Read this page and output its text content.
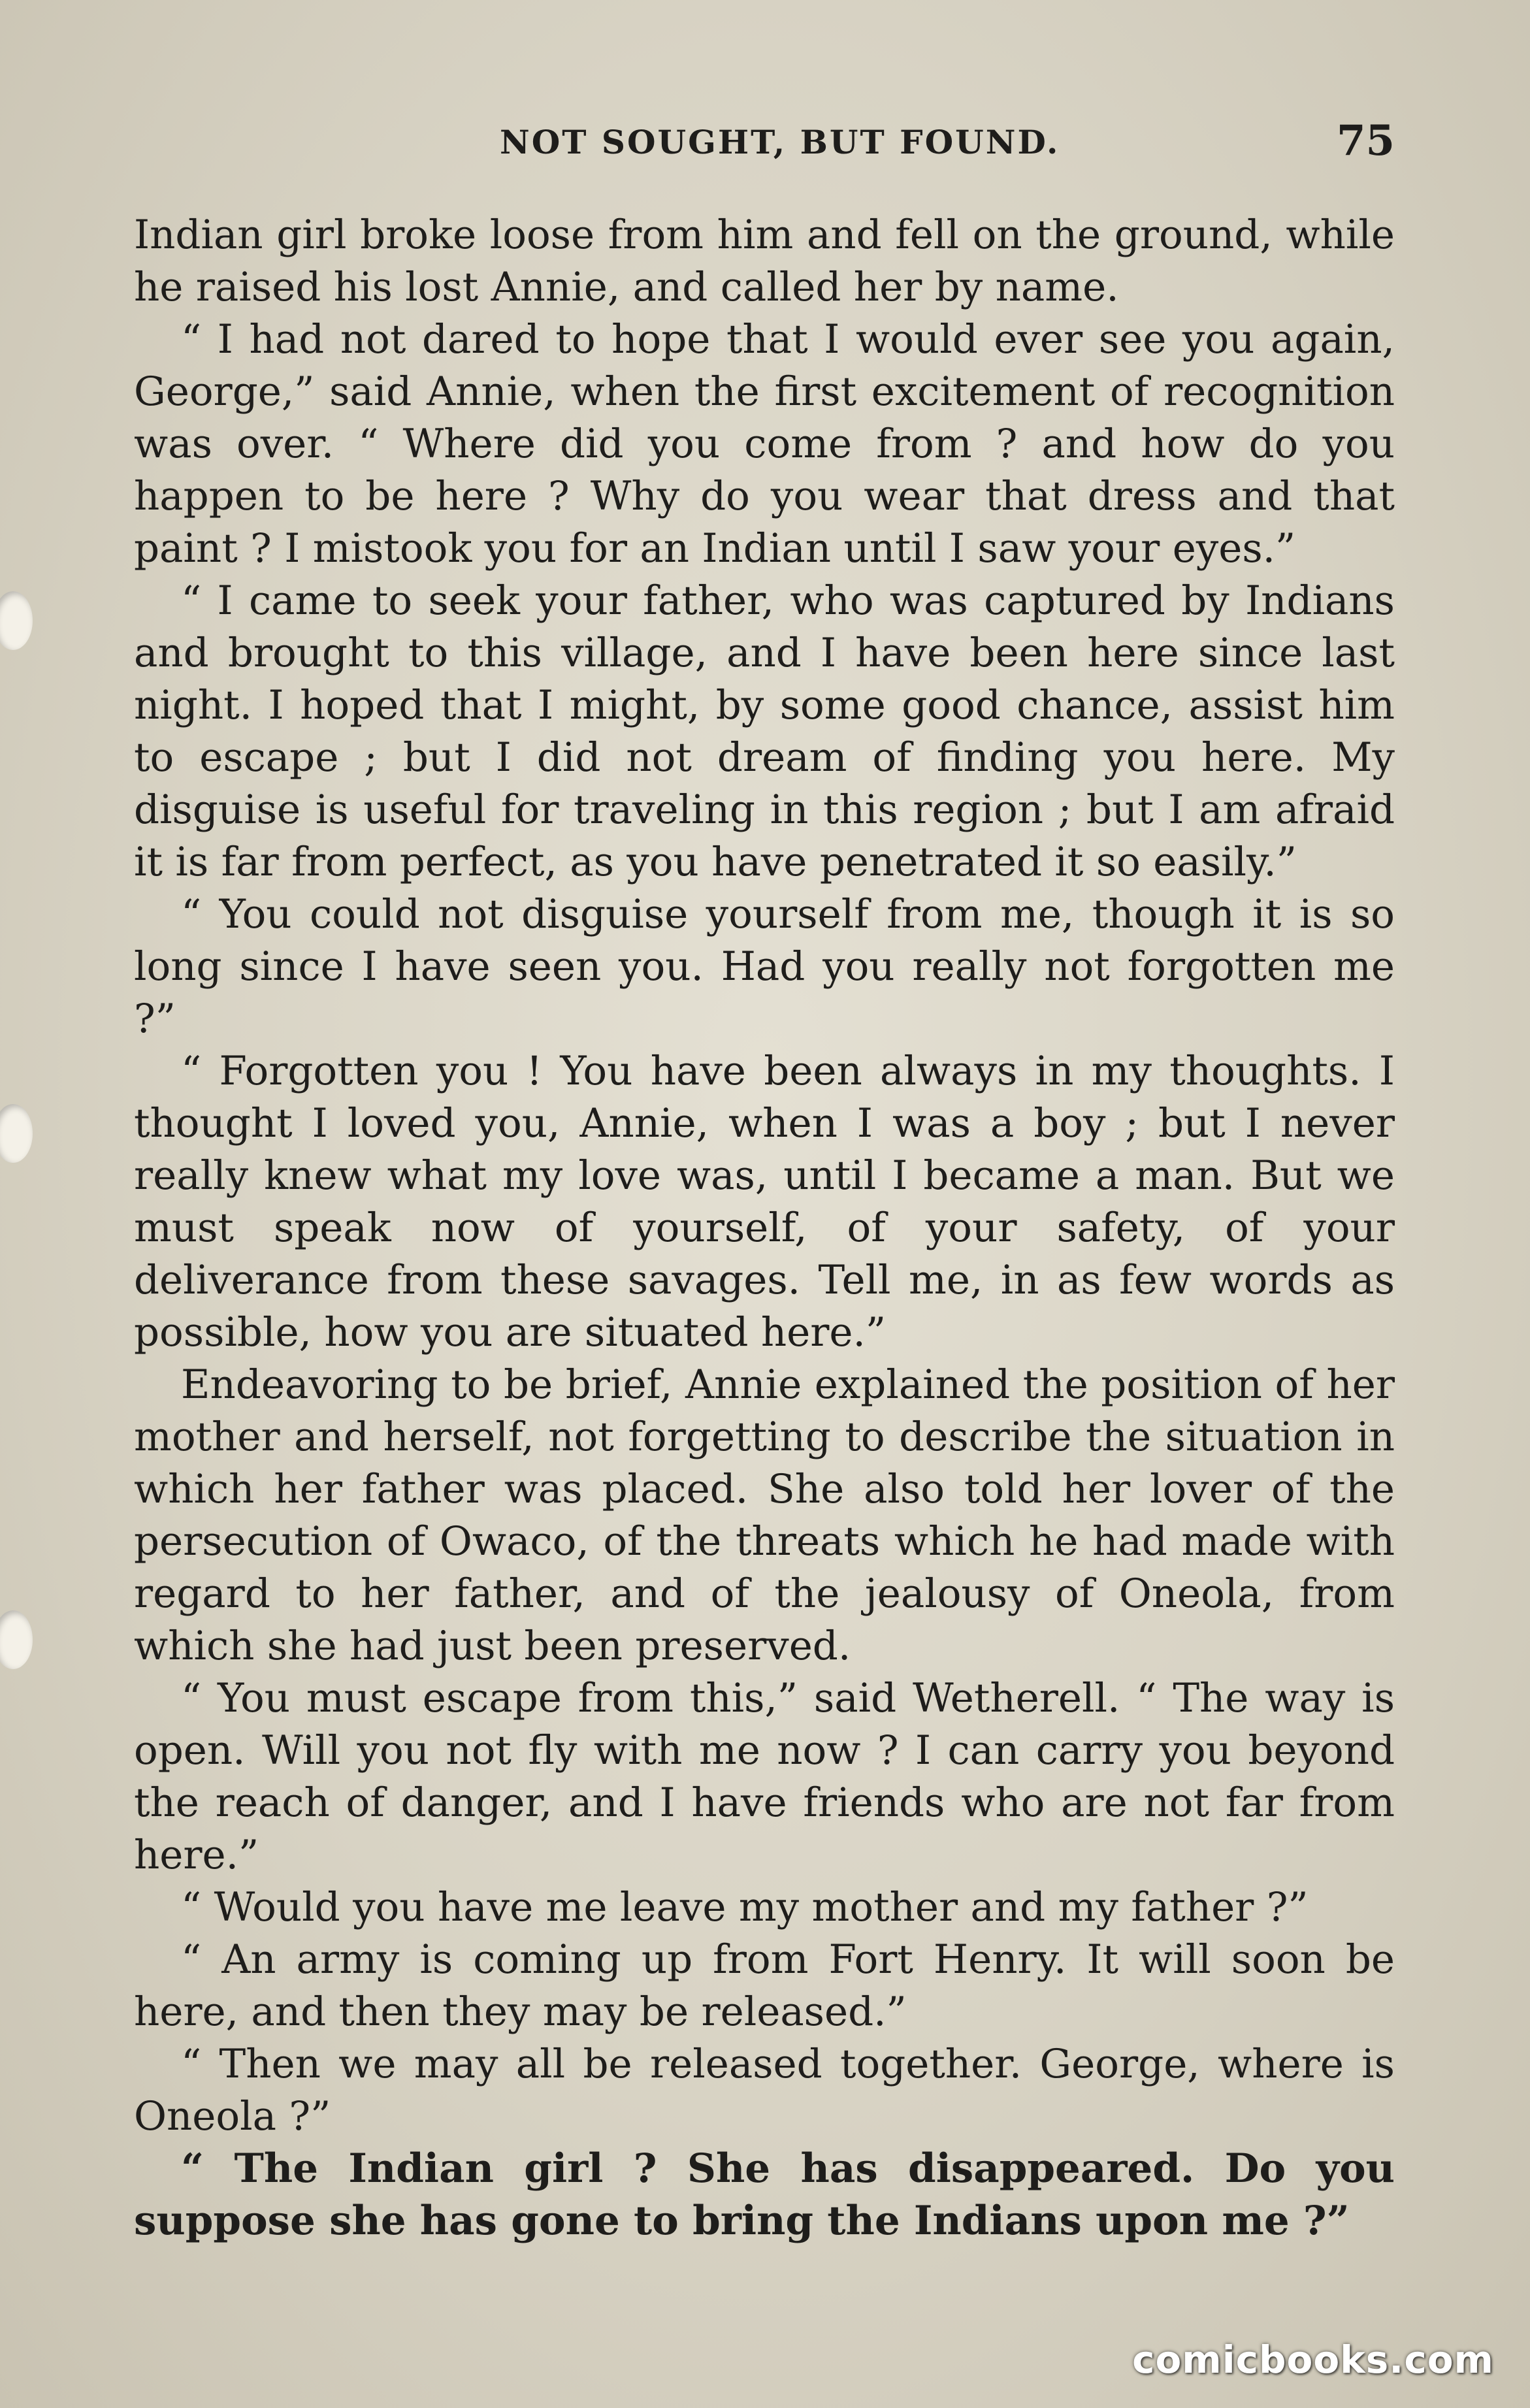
NOT SOUGHT, BUT FOUND.	75

Indian girl broke loose from him and fell on the ground, while he raised his lost Annie, and called her by name.

“ I had not dared to hope that I would ever see you again, George,” said Annie, when the first excitement of recognition was over. “ Where did you come from ? and how do you happen to be here ? Why do you wear that dress and that paint ? I mistook you for an Indian until I saw your eyes.”

“ I came to seek your father, who was captured by Indians and brought to this village, and I have been here since last night. I hoped that I might, by some good chance, assist him to escape ; but I did not dream of finding you here. My disguise is useful for traveling in this region ; but I am afraid it is far from perfect, as you have penetrated it so easily.”

“ You could not disguise yourself from me, though it is so long since I have seen you. Had you really not forgotten me ?”

“ Forgotten you ! You have been always in my thoughts. I thought I loved you, Annie, when I was a boy ; but I never really knew what my love was, until I became a man. But we must speak now of yourself, of your safety, of your deliverance from these savages. Tell me, in as few words as possible, how you are situated here.”

Endeavoring to be brief, Annie explained the position of her mother and herself, not forgetting to describe the situation in which her father was placed. She also told her lover of the persecution of Owaco, of the threats which he had made with regard to her father, and of the jealousy of Oneola, from which she had just been preserved.

“ You must escape from this,” said Wetherell. “ The way is open. Will you not fly with me now ? I can carry you beyond the reach of danger, and I have friends who are not far from here.”

“ Would you have me leave my mother and my father ?”

“ An army is coming up from Fort Henry. It will soon be here, and then they may be released.”

“ Then we may all be released together. George, where is Oneola ?”

“ The Indian girl ? She has disappeared. Do you suppose she has gone to bring the Indians upon me ?”

comicbooks.com
